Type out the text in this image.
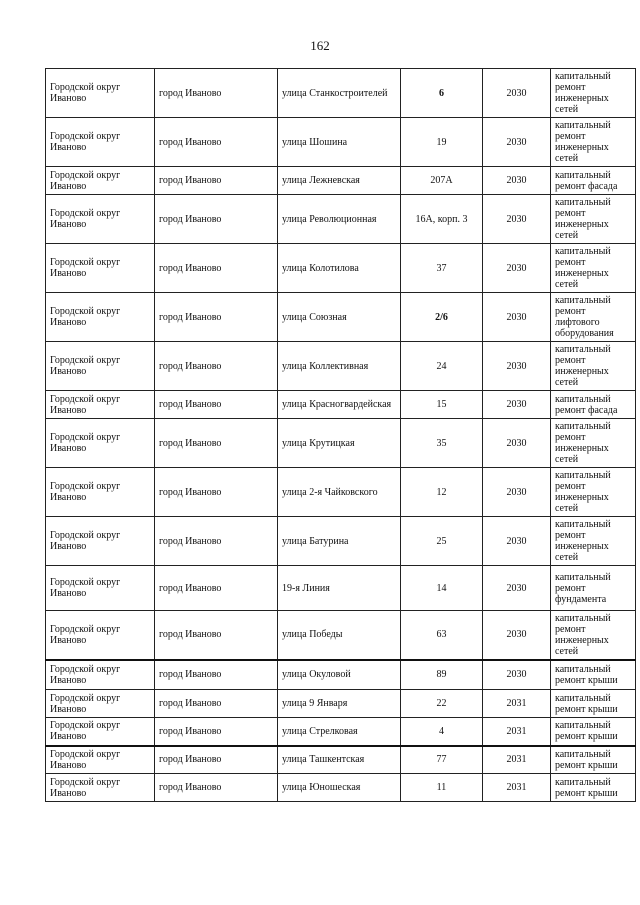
162
Городской округ Иваново	город Иваново	улица Станкостроителей	6	2030	капитальный ремонт инженерных сетей
Городской округ Иваново	город Иваново	улица Шошина	19	2030	капитальный ремонт инженерных сетей
Городской округ Иваново	город Иваново	улица Лежневская	207А	2030	капитальный ремонт фасада
Городской округ Иваново	город Иваново	улица Революционная	16А, корп. 3	2030	капитальный ремонт инженерных сетей
Городской округ Иваново	город Иваново	улица Колотилова	37	2030	капитальный ремонт инженерных сетей
Городской округ Иваново	город Иваново	улица Союзная	2/6	2030	капитальный ремонт лифтового оборудования
Городской округ Иваново	город Иваново	улица Коллективная	24	2030	капитальный ремонт инженерных сетей
Городской округ Иваново	город Иваново	улица Красногвардейская	15	2030	капитальный ремонт фасада
Городской округ Иваново	город Иваново	улица Крутицкая	35	2030	капитальный ремонт инженерных сетей
Городской округ Иваново	город Иваново	улица 2-я Чайковского	12	2030	капитальный ремонт инженерных сетей
Городской округ Иваново	город Иваново	улица Батурина	25	2030	капитальный ремонт инженерных сетей
Городской округ Иваново	город Иваново	19-я Линия	14	2030	капитальный ремонт фундамента
Городской округ Иваново	город Иваново	улица Победы	63	2030	капитальный ремонт инженерных сетей
Городской округ Иваново	город Иваново	улица Окуловой	89	2030	капитальный ремонт крыши
Городской округ Иваново	город Иваново	улица 9 Января	22	2031	капитальный ремонт крыши
Городской округ Иваново	город Иваново	улица Стрелковая	4	2031	капитальный ремонт крыши
Городской округ Иваново	город Иваново	улица Ташкентская	77	2031	капитальный ремонт крыши
Городской округ Иваново	город Иваново	улица Юношеская	11	2031	капитальный ремонт крыши
